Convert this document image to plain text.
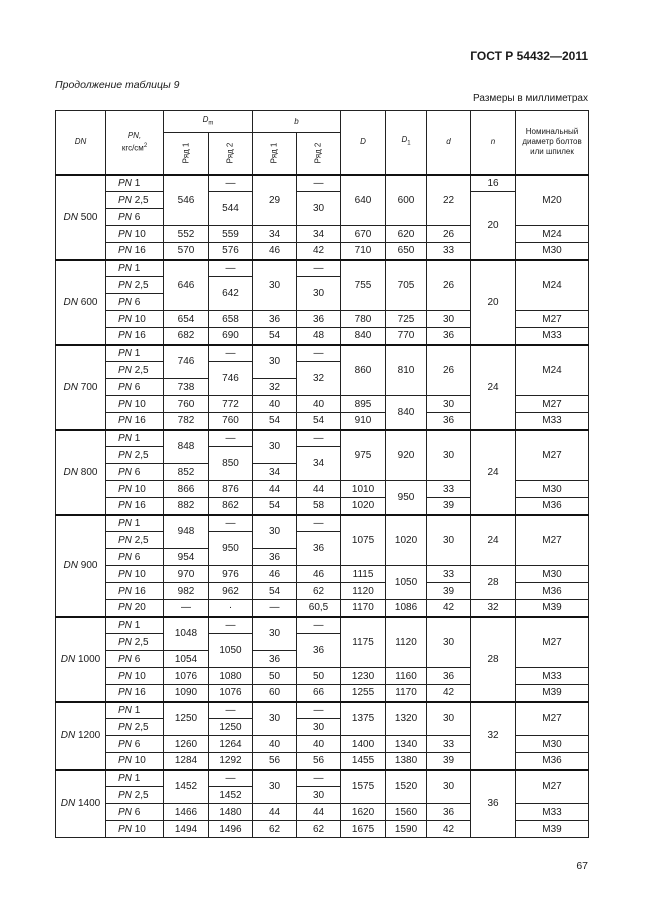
ГОСТ Р 54432—2011
Продолжение таблицы 9
Размеры в миллиметрах
DN	PN,
кгс/$см^2$	$D_m$		b		D	$D_1$	d	n	Номинальный диаметр болтов или шпилек
		Ряд 1	Ряд 2	Ряд 1	Ряд 2					
DN 500	PN 1	546	—	29	—	640	600	22	16	M20
	PN 2,5		544		30				20	
	PN 6									
	PN 10	552	559	34	34	670	620	26		M24
	PN 16	570	576	46	42	710	650	33		M30
DN 600	PN 1	646	—	30	—	755	705	26	20	M24
	PN 2,5		642		30					
	PN 6									
	PN 10	654	658	36	36	780	725	30		M27
	PN 16	682	690	54	48	840	770	36		M33
DN 700	PN 1	746	—	30	—	860	810	26	24	M24
	PN 2,5		746		32					
	PN 6	738		32						
	PN 10	760	772	40	40	895	840	30		M27
	PN 16	782	760	54	54	910		36		M33
DN 800	PN 1	848	—	30	—	975	920	30	24	M27
	PN 2,5		850		34					
	PN 6	852		34						
	PN 10	866	876	44	44	1010	950	33		M30
	PN 16	882	862	54	58	1020		39		M36
DN 900	PN 1	948	—	30	—	1075	1020	30	24	M27
	PN 2,5		950		36					
	PN 6	954		36						
	PN 10	970	976	46	46	1115	1050	33	28	M30
	PN 16	982	962	54	62	1120		39		M36
	PN 20	—	·	—	60,5	1170	1086	42	32	M39
DN 1000	PN 1	1048	—	30	—	1175	1120	30	28	M27
	PN 2,5		1050		36					
	PN 6	1054		36						
	PN 10	1076	1080	50	50	1230	1160	36		M33
	PN 16	1090	1076	60	66	1255	1170	42		M39
DN 1200	PN 1	1250	—	30	—	1375	1320	30	32	M27
	PN 2,5		1250		30					
	PN 6	1260	1264	40	40	1400	1340	33		M30
	PN 10	1284	1292	56	56	1455	1380	39		M36
DN 1400	PN 1	1452	—	30	—	1575	1520	30	36	M27
	PN 2,5		1452		30					
	PN 6	1466	1480	44	44	1620	1560	36		M33
	PN 10	1494	1496	62	62	1675	1590	42		M39
67
